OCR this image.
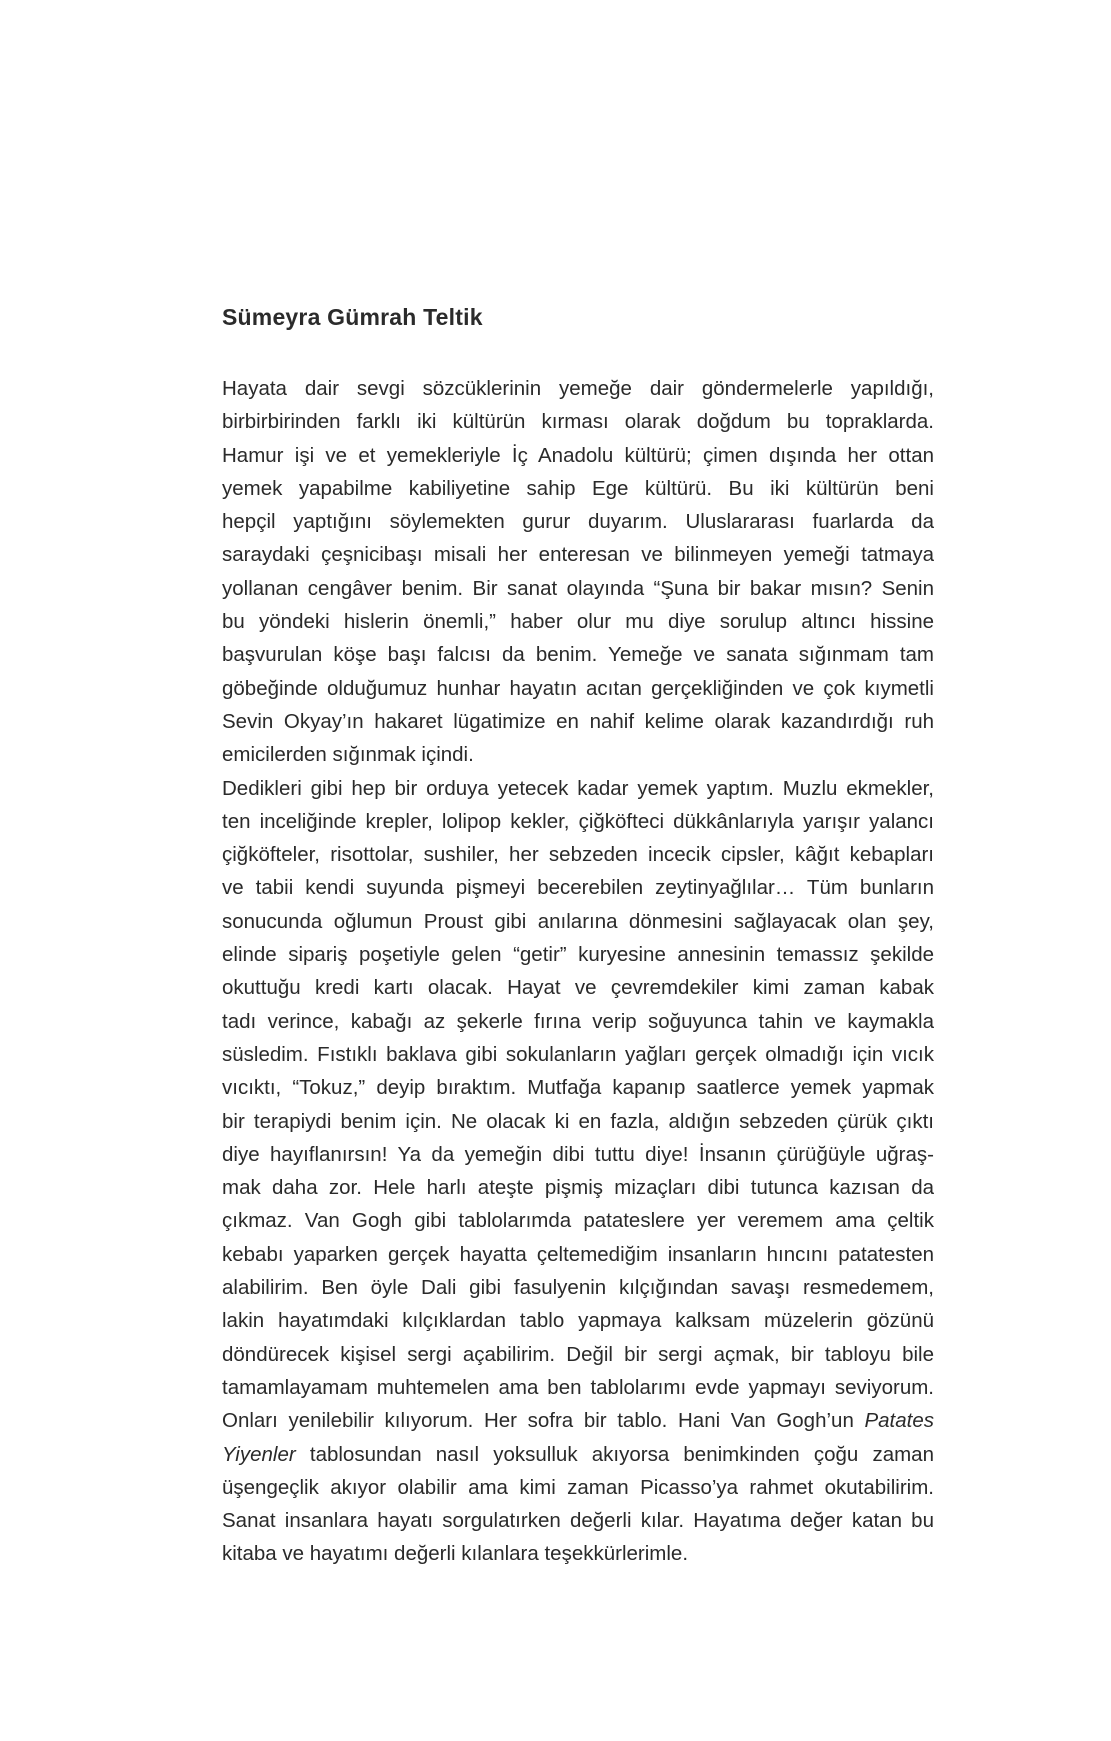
Sümeyra Gümrah Teltik
Hayata dair sevgi sözcüklerinin yemeğe dair göndermelerle yapıldığı,
birbirbirinden farklı iki kültürün kırması olarak doğdum bu topraklarda.
Hamur işi ve et yemekleriyle İç Anadolu kültürü; çimen dışında her ottan
yemek yapabilme kabiliyetine sahip Ege kültürü. Bu iki kültürün beni
hepçil yaptığını söylemekten gurur duyarım. Uluslararası fuarlarda da
saraydaki çeşnicibaşı misali her enteresan ve bilinmeyen yemeği tatmaya
yollanan cengâver benim. Bir sanat olayında “Şuna bir bakar mısın? Senin
bu yöndeki hislerin önemli,” haber olur mu diye sorulup altıncı hissine
başvurulan köşe başı falcısı da benim. Yemeğe ve sanata sığınmam tam
göbeğinde olduğumuz hunhar hayatın acıtan gerçekliğinden ve çok kıymetli
Sevin Okyay’ın hakaret lügatimize en nahif kelime olarak kazandırdığı ruh
emicilerden sığınmak içindi.
Dedikleri gibi hep bir orduya yetecek kadar yemek yaptım. Muzlu ekmekler,
ten inceliğinde krepler, lolipop kekler, çiğköfteci dükkânlarıyla yarışır yalancı
çiğköfteler, risottolar, sushiler, her sebzeden incecik cipsler, kâğıt kebapları
ve tabii kendi suyunda pişmeyi becerebilen zeytinyağlılar… Tüm bunların
sonucunda oğlumun Proust gibi anılarına dönmesini sağlayacak olan şey,
elinde sipariş poşetiyle gelen “getir” kuryesine annesinin temassız şekilde
okuttuğu kredi kartı olacak. Hayat ve çevremdekiler kimi zaman kabak
tadı verince, kabağı az şekerle fırına verip soğuyunca tahin ve kaymakla
süsledim. Fıstıklı baklava gibi sokulanların yağları gerçek olmadığı için vıcık
vıcıktı, “Tokuz,” deyip bıraktım. Mutfağa kapanıp saatlerce yemek yapmak
bir terapiydi benim için. Ne olacak ki en fazla, aldığın sebzeden çürük çıktı
diye hayıflanırsın! Ya da yemeğin dibi tuttu diye! İnsanın çürüğüyle uğraş-
mak daha zor. Hele harlı ateşte pişmiş mizaçları dibi tutunca kazısan da
çıkmaz. Van Gogh gibi tablolarımda patateslere yer veremem ama çeltik
kebabı yaparken gerçek hayatta çeltemediğim insanların hıncını patatesten
alabilirim. Ben öyle Dali gibi fasulyenin kılçığından savaşı resmedemem,
lakin hayatımdaki kılçıklardan tablo yapmaya kalksam müzelerin gözünü
döndürecek kişisel sergi açabilirim. Değil bir sergi açmak, bir tabloyu bile
tamamlayamam muhtemelen ama ben tablolarımı evde yapmayı seviyorum.
Onları yenilebilir kılıyorum. Her sofra bir tablo. Hani Van Gogh’un Patates
Yiyenler tablosundan nasıl yoksulluk akıyorsa benimkinden çoğu zaman
üşengeçlik akıyor olabilir ama kimi zaman Picasso’ya rahmet okutabilirim.
Sanat insanlara hayatı sorgulatırken değerli kılar. Hayatıma değer katan bu
kitaba ve hayatımı değerli kılanlara teşekkürlerimle.
